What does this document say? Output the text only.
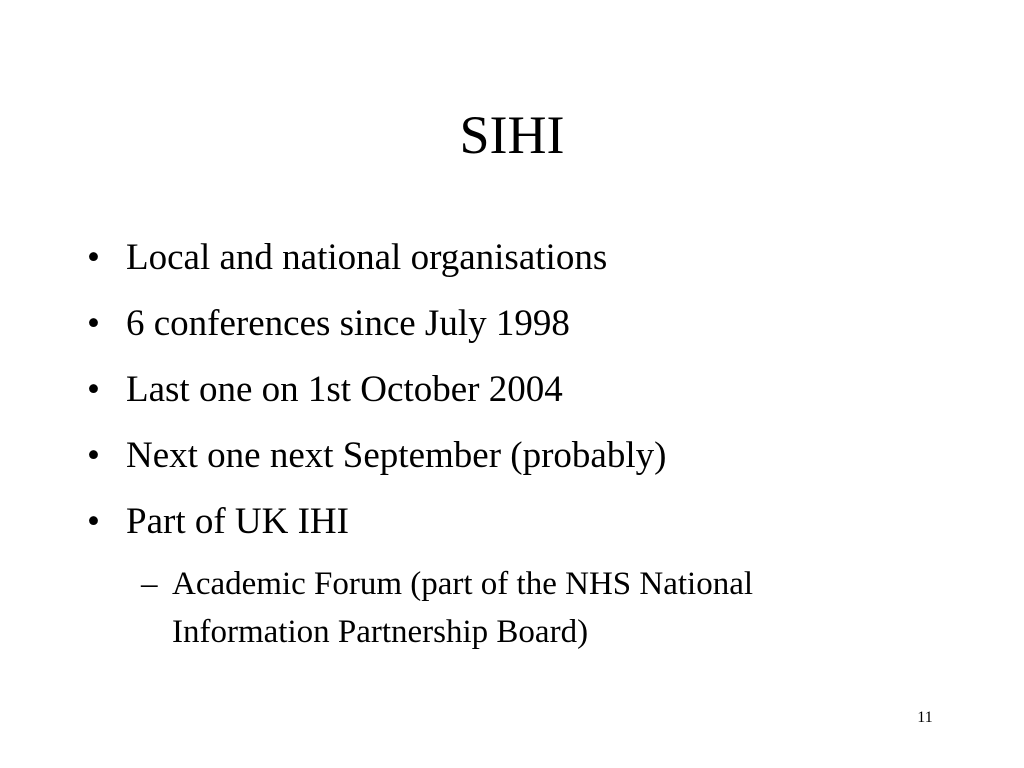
SIHI
• Local and national organisations
• 6 conferences since July 1998
• Last one on 1st October 2004
• Next one next September (probably)
• Part of UK IHI
– Academic Forum (part of the NHS National Information Partnership Board)
11
